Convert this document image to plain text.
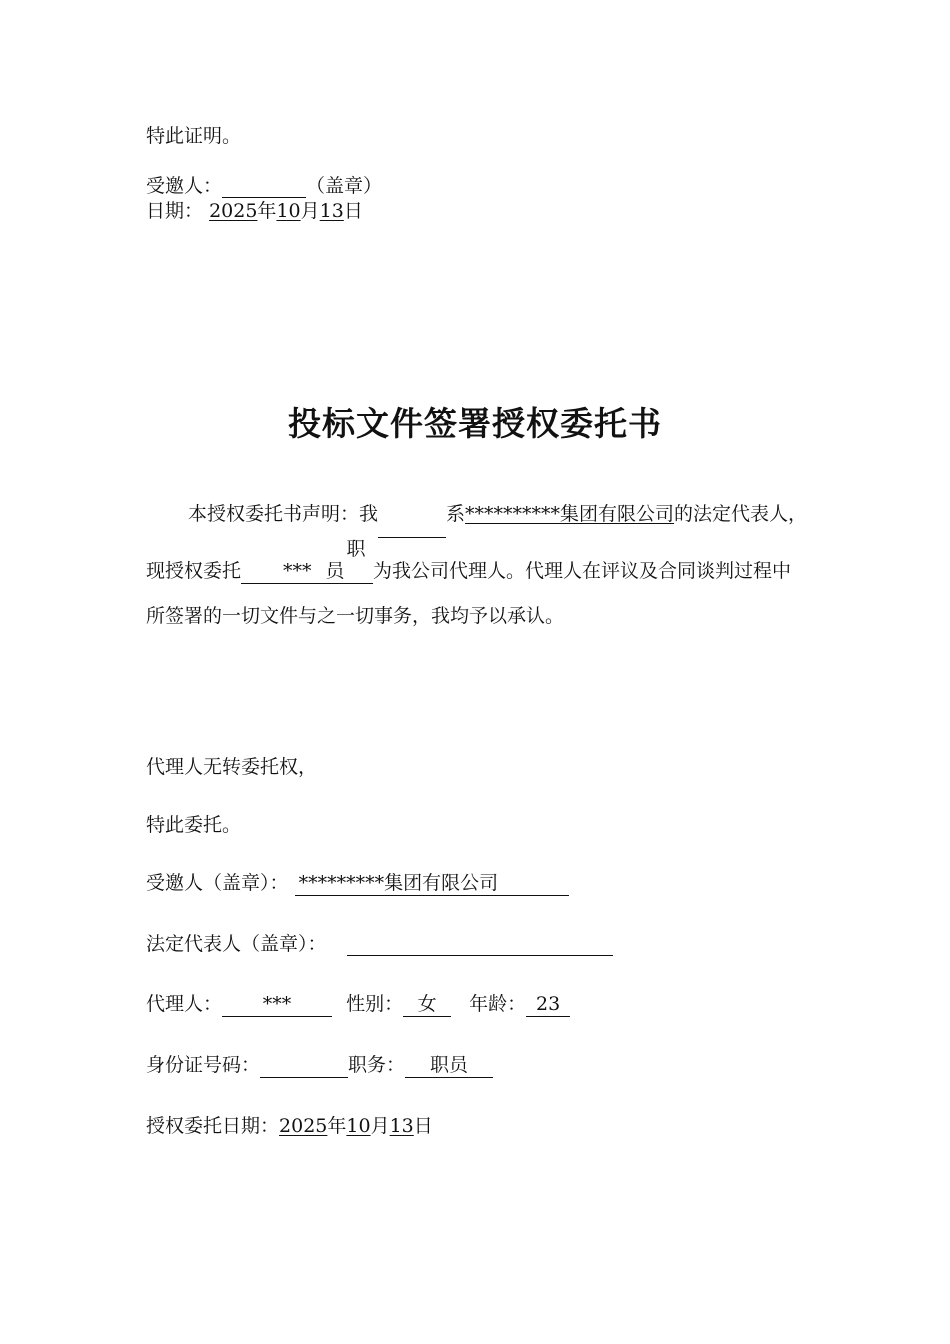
特此证明。
受邀人：	（盖章）
日期： 2025年10月13日
投标文件签署授权委托书
本授权委托书声明：我	系**********集团有限公司的法定代表人，现授权委托 ***职员 为我公司代理人。代理人在评议及合同谈判过程中所签署的一切文件与之一切事务，我均予以承认。
代理人无转委托权，
特此委托。
受邀人（盖章）： *********集团有限公司
法定代表人（盖章）：
代理人： ***	性别： 女 年龄： 23
身份证号码：	职务： 职员
授权委托日期：2025年10月13日
